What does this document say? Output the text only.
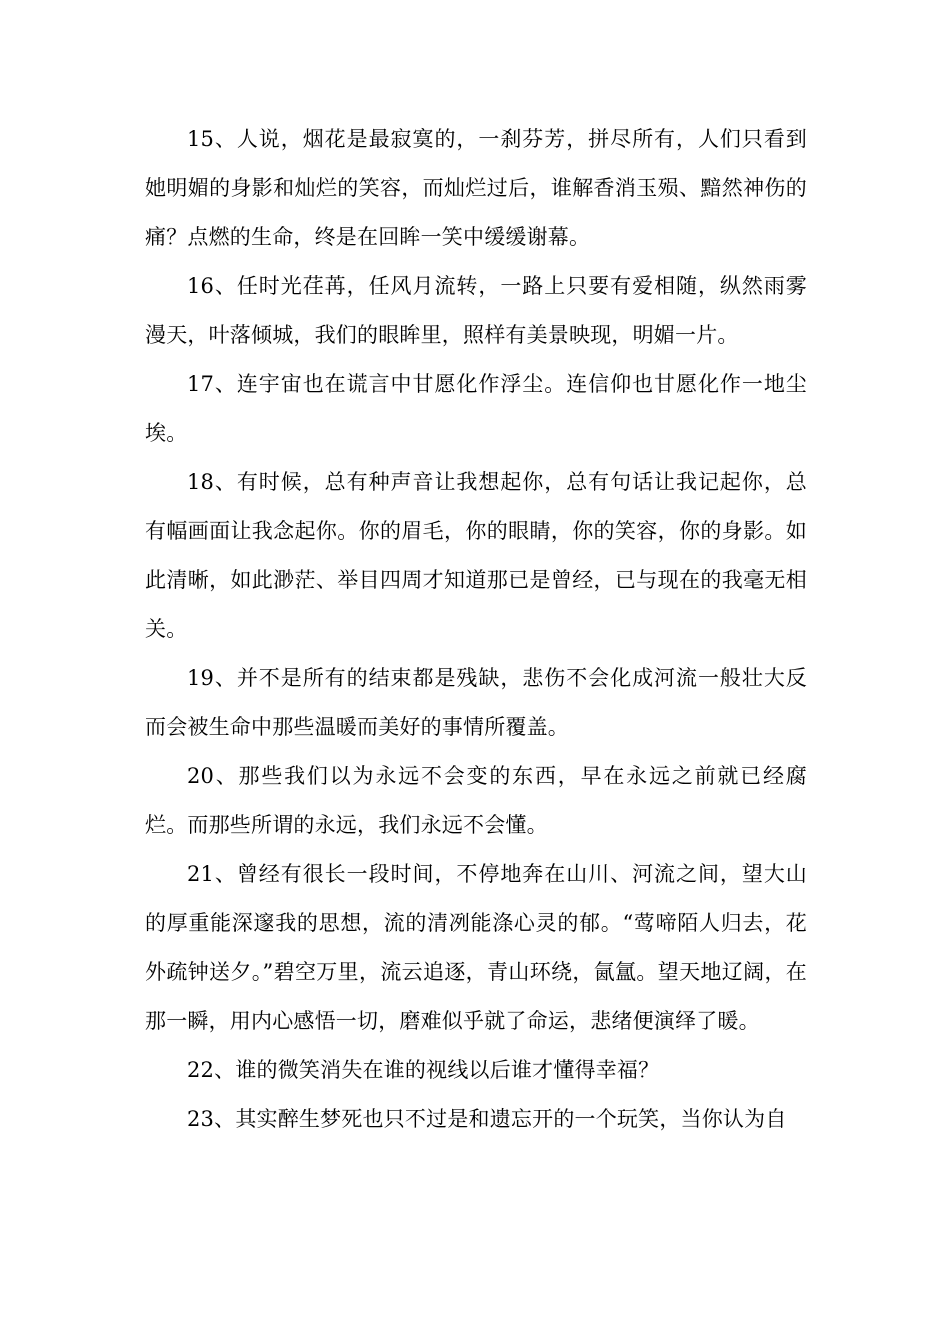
15、人说，烟花是最寂寞的，一刹芬芳，拼尽所有，人们只看到她明媚的身影和灿烂的笑容，而灿烂过后，谁解香消玉殒、黯然神伤的痛？点燃的生命，终是在回眸一笑中缓缓谢幕。

16、任时光荏苒，任风月流转，一路上只要有爱相随，纵然雨雾漫天，叶落倾城，我们的眼眸里，照样有美景映现，明媚一片。

17、连宇宙也在谎言中甘愿化作浮尘。连信仰也甘愿化作一地尘埃。

18、有时候，总有种声音让我想起你，总有句话让我记起你，总有幅画面让我念起你。你的眉毛，你的眼睛，你的笑容，你的身影。如此清晰，如此渺茫、举目四周才知道那已是曾经，已与现在的我毫无相关。

19、并不是所有的结束都是残缺，悲伤不会化成河流一般壮大反而会被生命中那些温暖而美好的事情所覆盖。

20、那些我们以为永远不会变的东西，早在永远之前就已经腐烂。而那些所谓的永远，我们永远不会懂。

21、曾经有很长一段时间，不停地奔在山川、河流之间，望大山的厚重能深邃我的思想，流的清冽能涤心灵的郁。“莺啼陌人归去，花外疏钟送夕。”碧空万里，流云追逐，青山环绕，氤氲。望天地辽阔，在那一瞬，用内心感悟一切，磨难似乎就了命运，悲绪便演绎了暖。

22、谁的微笑消失在谁的视线以后谁才懂得幸福？

23、其实醉生梦死也只不过是和遗忘开的一个玩笑，当你认为自
